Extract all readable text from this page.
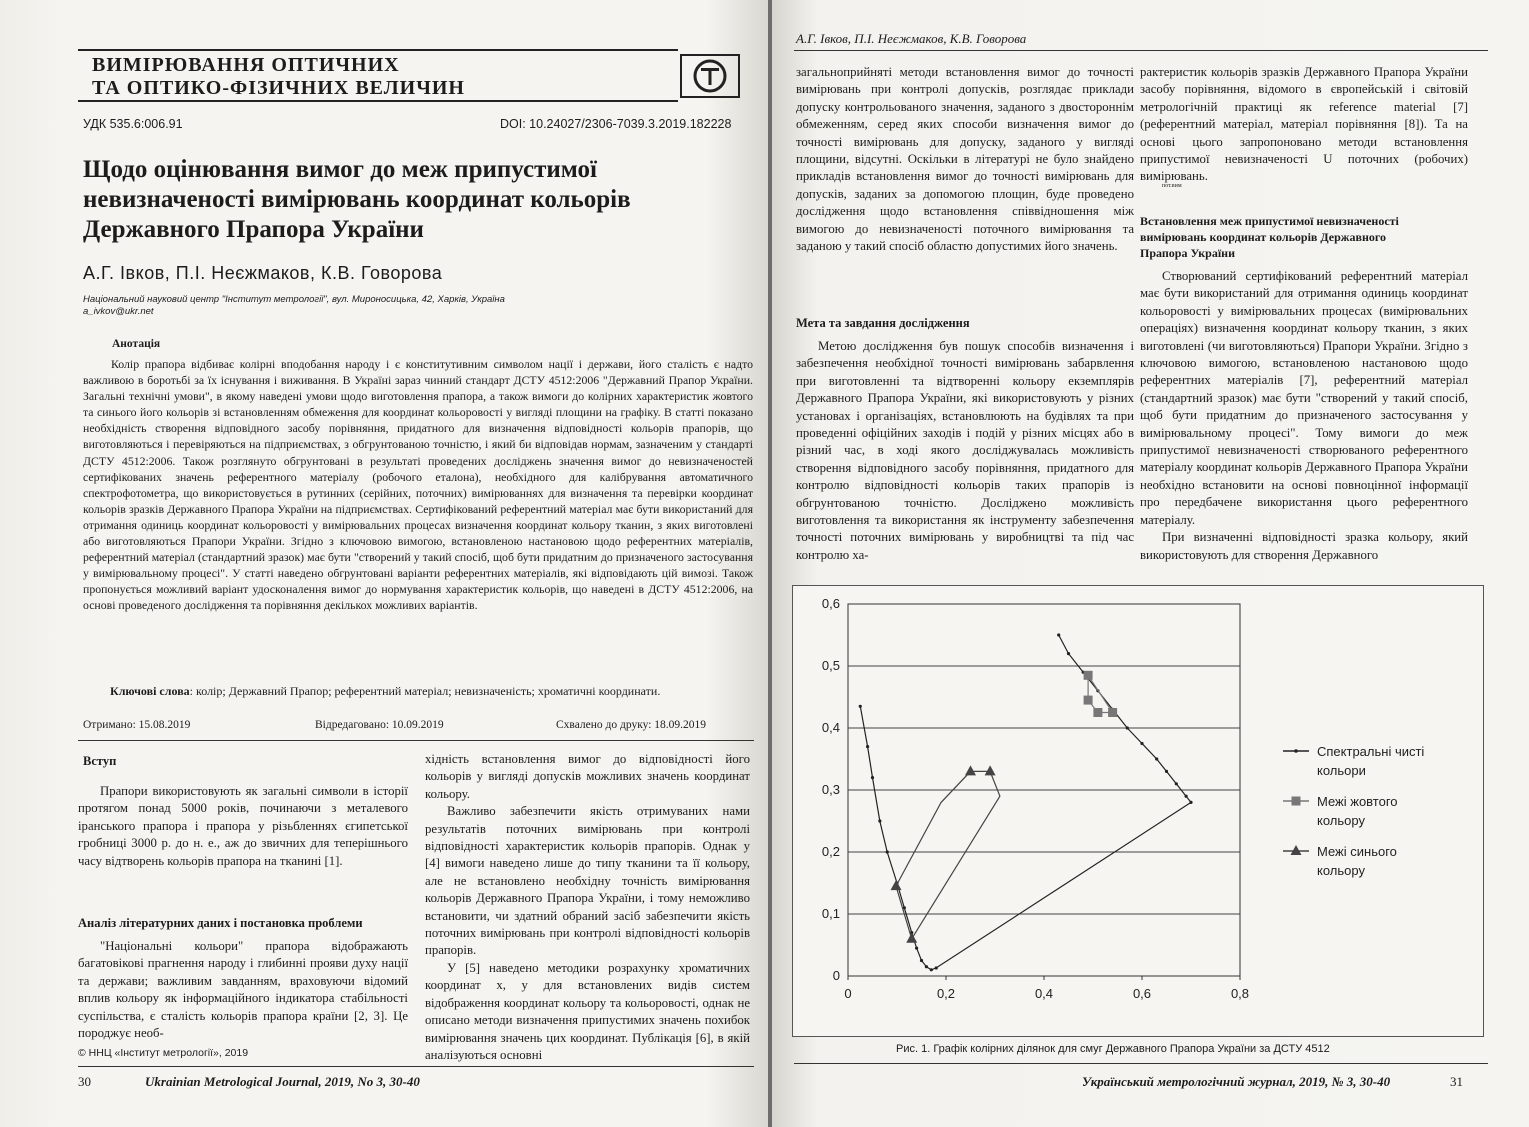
ВИМІРЮВАННЯ ОПТИЧНИХ
ТА ОПТИКО-ФІЗИЧНИХ ВЕЛИЧИН
УДК 535.6:006.91	DOI: 10.24027/2306-7039.3.2019.182228
Щодо оцінювання вимог до меж припустимої
невизначеності вимірювань координат кольорів
Державного Прапора України
А.Г. Івков, П.І. Неєжмаков, К.В. Говорова
Національний науковий центр "Інститут метрології", вул. Мироносицька, 42, Харків, Україна
a_ivkov@ukr.net
Анотація

Колір прапора відбиває колірні вподобання народу і є конститутивним символом нації і держави, його сталість є надто важливою в боротьбі за їх існування і виживання. В Україні зараз чинний стандарт ДСТУ 4512:2006 "Державний Прапор України. Загальні технічні умови", в якому наведені умови щодо виготовлення прапора, а також вимоги до колірних характеристик жовтого та синього його кольорів зі встановленням обмеження для координат кольоровості у вигляді площини на графіку. В статті показано необхідність створення відповідного засобу порівняння, придатного для визначення відповідності кольорів прапорів, що виготовляються і перевіряються на підприємствах, з обгрунтованою точністю, і який би відповідав нормам, зазначеним у стандарті ДСТУ 4512:2006. Також розглянуто обгрунтовані в результаті проведених досліджень значення вимог до невизначеностей сертифікованих значень референтного матеріалу (робочого еталона), необхідного для калібрування автоматичного спектрофотометра, що використовується в рутинних (серійних, поточних) вимірюваннях для визначення та перевірки координат кольорів зразків Державного Прапора України на підприємствах. Сертифікований референтний матеріал має бути використаний для отримання одиниць координат кольоровості у вимірювальних процесах визначення координат кольору тканин, з яких виготовлені або виготовляються Прапори України. Згідно з ключовою вимогою, встановленою настановою щодо референтних матеріалів, референтний матеріал (стандартний зразок) має бути "створений у такий спосіб, щоб бути придатним до призначеного застосування у вимірювальному процесі". У статті наведено обгрунтовані варіанти референтних матеріалів, які відповідають цій вимозі. Також пропонується можливий варіант удосконалення вимог до нормування характеристик кольорів, що наведені в ДСТУ 4512:2006, на основі проведеного дослідження та порівняння декількох можливих варіантів.

Ключові слова: колір; Державний Прапор; референтний матеріал; невизначеність; хроматичні координати.
Отримано: 15.08.2019	Відредаговано: 10.09.2019	Схвалено до друку: 18.09.2019
Вступ

Прапори використовують як загальні символи в історії протягом понад 5000 років, починаючи з металевого іранського прапора і прапора у різьбленнях єгипетської гробниці 3000 р. до н. е., аж до звичних для теперішнього часу відтворень кольорів прапора на тканині [1].

Аналіз літературних даних і постановка проблеми

"Національні кольори" прапора відображають багатовікові прагнення народу і глибинні прояви духу нації та держави; важливим завданням, враховуючи відомий вплив кольору як інформаційного індикатора стабільності суспільства, є сталість кольорів прапора країни [2, 3]. Це породжує необ-

© ННЦ «Інститут метрології», 2019

хідність встановлення вимог до відповідності його кольорів у вигляді допусків можливих значень координат кольору.

Важливо забезпечити якість отримуваних нами результатів поточних вимірювань при контролі відповідності характеристик кольорів прапорів. Однак у [4] вимоги наведено лише до типу тканини та її кольору, але не встановлено необхідну точність вимірювання кольорів Державного Прапора України, і тому неможливо встановити, чи здатний обраний засіб забезпечити якість поточних вимірювань при контролі відповідності кольорів прапорів.

У [5] наведено методики розрахунку хроматичних координат x, y для встановлених видів систем відображення координат кольору та кольоровості, однак не описано методи визначення припустимих значень похибок вимірювання значень цих координат. Публікація [6], в якій аналізуються основні

30	Ukrainian Metrological Journal, 2019, No 3, 30-40
А.Г. Івков, П.І. Неєжмаков, К.В. Говорова

загальноприйняті методи встановлення вимог до точності вимірювань при контролі допусків, розглядає приклади допуску контрольованого значення, заданого з двостороннім обмеженням, серед яких способи визначення вимог до точності вимірювань для допуску, заданого у вигляді площини, відсутні. Оскільки в літературі не було знайдено прикладів встановлення вимог до точності вимірювань для допусків, заданих за допомогою площин, буде проведено дослідження щодо встановлення співвідношення між вимогою до невизначеності поточного вимірювання та заданою у такий спосіб областю допустимих його значень.

Мета та завдання дослідження

Метою дослідження був пошук способів визначення і забезпечення необхідної точності вимірювань забарвлення при виготовленні та відтворенні кольору екземплярів Державного Прапора України, які використовують у різних установах і організаціях, встановлюють на будівлях та при проведенні офіційних заходів і подій у різних місцях або в різний час, в ході якого досліджувалась можливість створення відповідного засобу порівняння, придатного для контролю відповідності кольорів таких прапорів із обгрунтованою точністю. Досліджено можливість виготовлення та використання як інструменту забезпечення точності поточних вимірювань у виробництві та під час контролю ха-

рактеристик кольорів зразків Державного Прапора України засобу порівняння, відомого в європейській і світовій метрологічній практиці як reference material [7] (референтний матеріал, матеріал порівняння [8]). Та на основі цього запропоновано методи встановлення припустимої невизначеності U поточних (робочих) вимірювань.

пот.вим
Встановлення меж припустимої невизначеності
вимірювань координат кольорів Державного
Прапора України

Створюваний сертифікований референтний матеріал має бути використаний для отримання одиниць координат кольоровості у вимірювальних процесах (вимірювальних операціях) визначення координат кольору тканин, з яких виготовлені (чи виготовляються) Прапори України. Згідно з ключовою вимогою, встановленою настановою щодо референтних матеріалів [7], референтний матеріал (стандартний зразок) має бути "створений у такий спосіб, щоб бути придатним до призначеного застосування у вимірювальному процесі". Тому вимоги до меж припустимої невизначеності створюваного референтного матеріалу координат кольорів Державного Прапора України необхідно встановити на основі повноцінної інформації про передбачене використання цього референтного матеріалу.

При визначенні відповідності зразка кольору, який використовують для створення Державного

0
0,1
0,2
0,3
0,4
0,5
0,6
0	0,2	0,4	0,6	0,8
Спектральні чисті кольори
Межі жовтого кольору
Межі синього кольору
Рис. 1. Графік колірних ділянок для смуг Державного Прапора України за ДСТУ 4512
Український метрологічний журнал, 2019, № 3, 30-40	31
